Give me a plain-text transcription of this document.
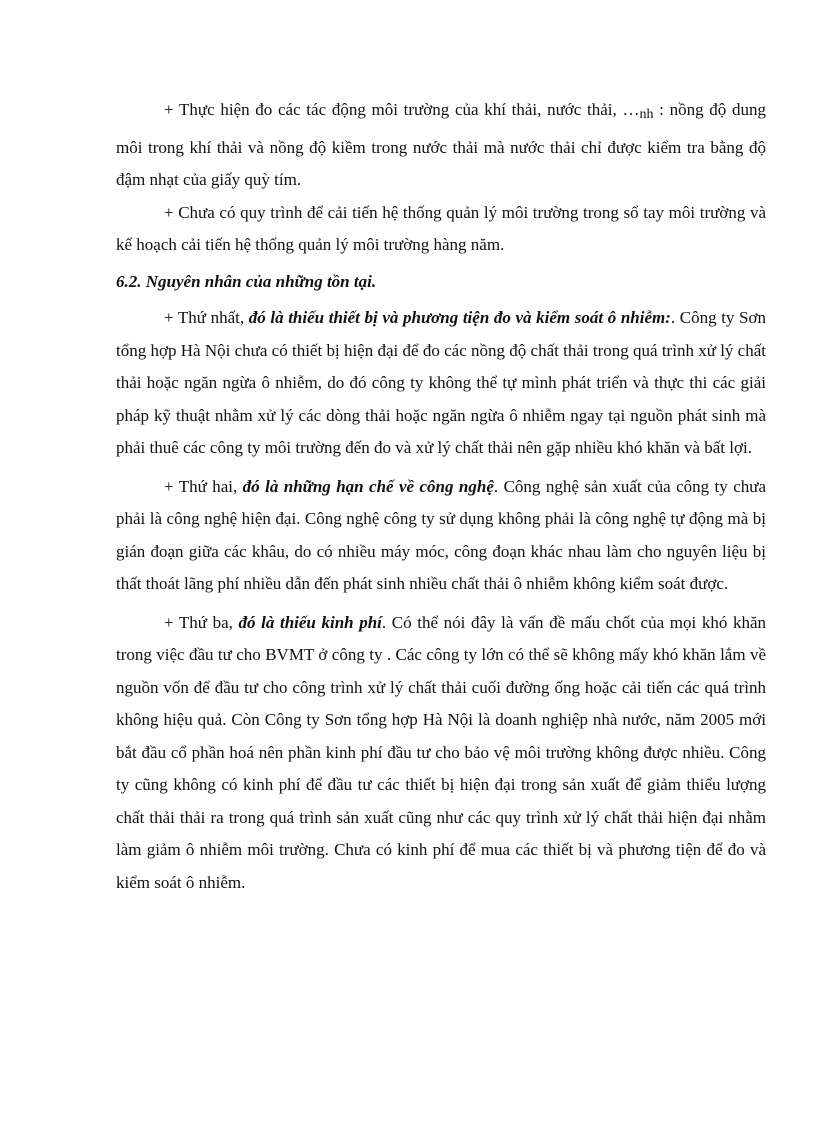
+ Thực hiện đo các tác động môi trường của khí thải, nước thải, $\dots_{nh}$ : nồng độ dung môi trong khí thải và nồng độ kiềm trong nước thải mà nước thải chỉ được kiểm tra bằng độ đậm nhạt của giấy quỳ tím.

+ Chưa có quy trình để cải tiến hệ thống quản lý môi trường trong sổ tay môi trường và kế hoạch cải tiến hệ thống quản lý môi trường hàng năm.

6.2. Nguyên nhân của những tồn tại.

+ Thứ nhất, đó là thiếu thiết bị và phương tiện đo và kiểm soát ô nhiễm:. Công ty Sơn tổng hợp Hà Nội chưa có thiết bị hiện đại để đo các nồng độ chất thải trong quá trình xử lý chất thải hoặc ngăn ngừa ô nhiễm, do đó công ty không thể tự mình phát triển và thực thi các giải pháp kỹ thuật nhằm xử lý các dòng thải hoặc ngăn ngừa ô nhiễm ngay tại nguồn phát sinh mà phải thuê các công ty môi trường đến đo và xử lý chất thải nên gặp nhiều khó khăn và bất lợi.

+ Thứ hai, đó là những hạn chế về công nghệ. Công nghệ sản xuất của công ty chưa phải là công nghệ hiện đại. Công nghệ công ty sử dụng không phải là công nghệ tự động mà bị gián đoạn giữa các khâu, do có nhiều máy móc, công đoạn khác nhau làm cho nguyên liệu bị thất thoát lãng phí nhiều dẫn đến phát sinh nhiều chất thải ô nhiễm không kiểm soát được.

+ Thứ ba, đó là thiếu kinh phí. Có thể nói đây là vấn đề mấu chốt của mọi khó khăn trong việc đầu tư cho BVMT ở công ty . Các công ty lớn có thể sẽ không mấy khó khăn lắm về nguồn vốn để đầu tư cho công trình xử lý chất thải cuối đường ống hoặc cải tiến các quá trình không hiệu quả. Còn Công ty Sơn tổng hợp Hà Nội là doanh nghiệp nhà nước, năm 2005 mới bắt đầu cổ phần hoá nên phần kinh phí đầu tư cho bảo vệ môi trường không được nhiều. Công ty cũng không có kinh phí để đầu tư các thiết bị hiện đại trong sản xuất để giảm thiểu lượng chất thải thải ra trong quá trình sản xuất cũng như các quy trình xử lý chất thải hiện đại nhằm làm giảm ô nhiễm môi trường. Chưa có kinh phí để mua các thiết bị và phương tiện để đo và kiểm soát ô nhiễm.
